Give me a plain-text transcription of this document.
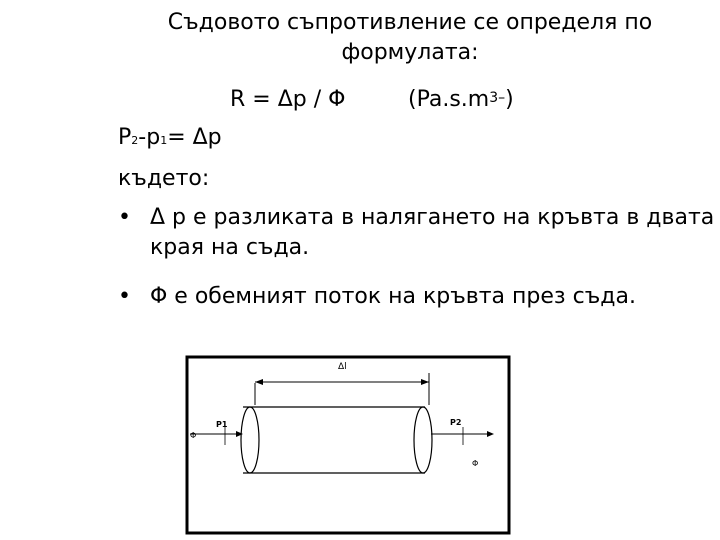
Съдовото съпротивление се определя по
формулата:
R = Δp / Φ	$(Pa.s.m^{3-})$
P2-p1= Δp
където:
• Δ p е разликата в налягането на кръвта в двата края на съда.
• Φ е обемният поток на кръвта през съда.
Δl
P1	P2
Φ
Φ
